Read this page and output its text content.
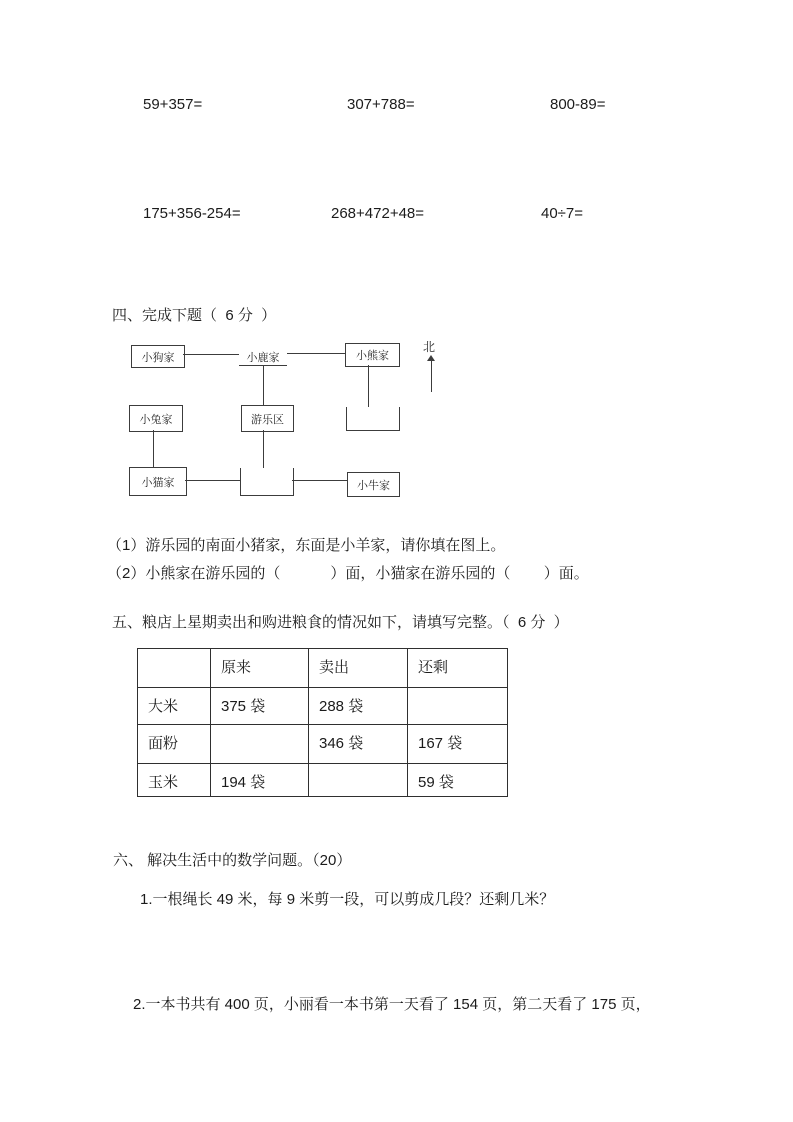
59+357=	307+788=	800-89=
175+356-254=	268+472+48=	40÷7=
四、完成下题（  6 分  ）
小狗家	小鹿家	小熊家
北
小兔家	游乐区
小猫家	小牛家
（1）游乐园的南面小猪家，东面是小羊家，请你填在图上。
（2）小熊家在游乐园的（            ）面，小猫家在游乐园的（        ）面。
五、粮店上星期卖出和购进粮食的情况如下，请填写完整。（  6 分  ）
	原来	卖出	还剩
大米	375 袋	288 袋	
面粉		346 袋	167 袋
玉米	194 袋		59 袋
六、 解决生活中的数学问题。（20）
1.一根绳长 49 米，每 9 米剪一段，可以剪成几段？还剩几米？
2.一本书共有 400 页，小丽看一本书第一天看了 154 页，第二天看了 175 页，
